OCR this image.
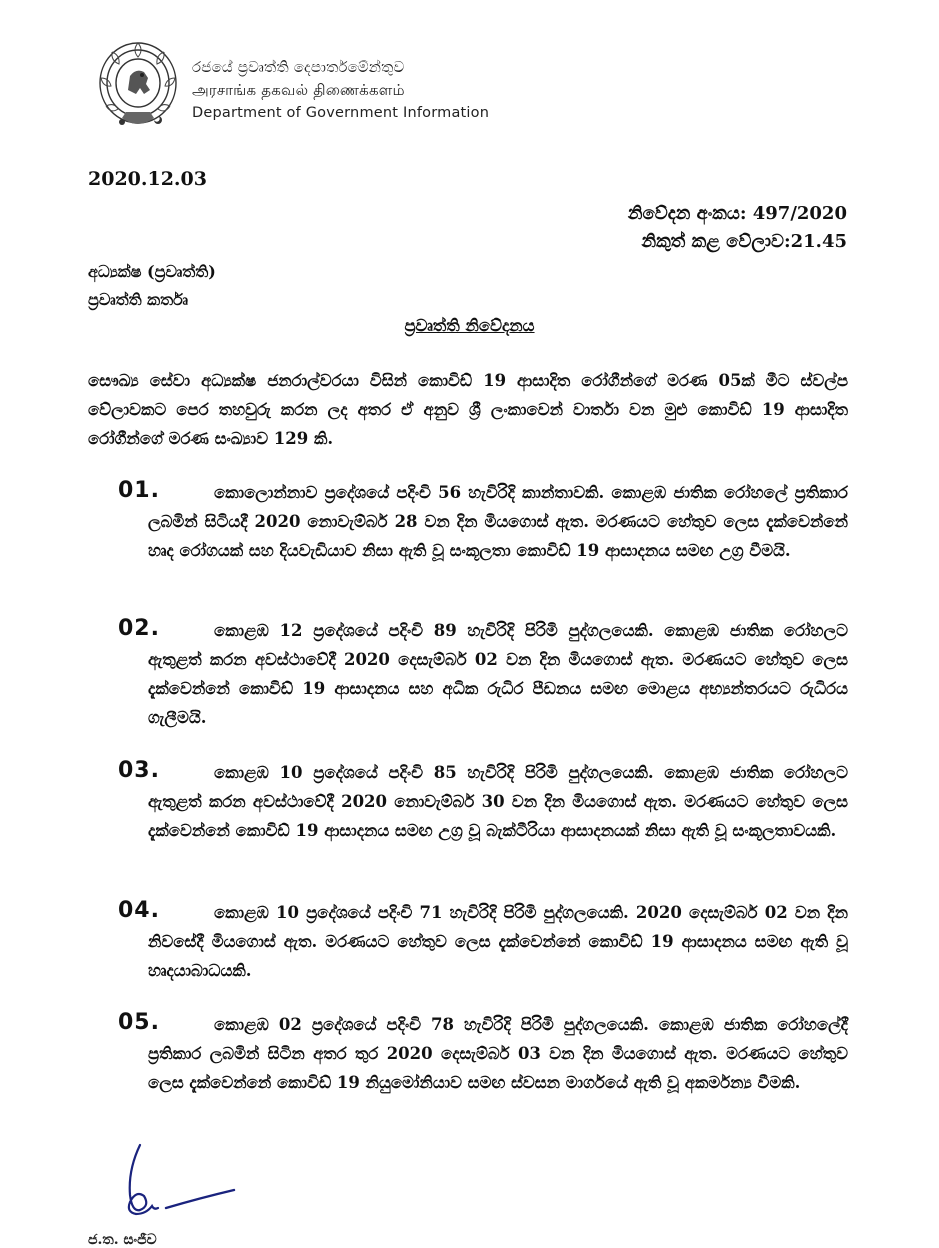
රජයේ ප්‍රවෘත්ති දෙපාර්තමේන්තුව
அரசாங்க தகவல் திணைக்களம்
Department of Government Information
2020.12.03
නිවේදන අංකය: 497/2020
නිකුත් කළ වේලාව:21.45
අධ්‍යක්ෂ (ප්‍රවෘත්ති)
ප්‍රවෘත්ති කර්තෘ
ප්‍රවෘත්ති නිවේදනය
සෞඛ්‍ය සේවා අධ්‍යක්ෂ ජනරාල්වරයා විසින් කොවිඩ් 19 ආසාදිත රෝගීන්ගේ මරණ 05ක් මීට ස්වල්ප වේලාවකට පෙර තහවුරු කරන ලද අතර ඒ අනුව ශ්‍රී ලංකාවෙන් වාර්තා වන මුළු කොවිඩ් 19 ආසාදිත රෝගීන්ගේ මරණ සංඛ්‍යාව 129 කි.
01.	කොලොන්නාව ප්‍රදේශයේ පදිංචි 56 හැවිරිදි කාන්තාවකි. කොළඹ ජාතික රෝහලේ ප්‍රතිකාර ලබමින් සිටියදී 2020 නොවැම්බර් 28 වන දින මියගොස් ඇත. මරණයට හේතුව ලෙස දැක්වෙන්නේ හෘද රෝගයක් සහ දියවැඩියාව නිසා ඇති වූ සංකූලතා කොවිඩ් 19 ආසාදනය සමඟ උග්‍ර වීමයි.
02.	කොළඹ 12 ප්‍රදේශයේ පදිංචි 89 හැවිරිදි පිරිමි පුද්ගලයෙකි. කොළඹ ජාතික රෝහලට ඇතුළත් කරන අවස්ථාවේදී 2020 දෙසැම්බර් 02 වන දින මියගොස් ඇත. මරණයට හේතුව ලෙස දැක්වෙන්නේ කොවිඩ් 19 ආසාදනය සහ අධික රුධිර පීඩනය සමඟ මොළය අභ්‍යන්තරයට රුධිරය ගැලීමයි.
03.	කොළඹ 10 ප්‍රදේශයේ පදිංචි 85 හැවිරිදි පිරිමි පුද්ගලයෙකි. කොළඹ ජාතික රෝහලට ඇතුළත් කරන අවස්ථාවේදී 2020 නොවැම්බර් 30 වන දින මියගොස් ඇත. මරණයට හේතුව ලෙස දැක්වෙන්නේ කොවිඩ් 19 ආසාදනය සමඟ උග්‍ර වූ බැක්ටීරියා ආසාදනයක් නිසා ඇති වූ සංකූලතාවයකි.
04.	කොළඹ 10 ප්‍රදේශයේ පදිංචි 71 හැවිරිදි පිරිමි පුද්ගලයෙකි. 2020 දෙසැම්බර් 02 වන දින නිවසේදී මියගොස් ඇත. මරණයට හේතුව ලෙස දැක්වෙන්නේ කොවිඩ් 19 ආසාදනය සමඟ ඇති වූ හෘදයාබාධයකි.
05.	කොළඹ 02 ප්‍රදේශයේ පදිංචි 78 හැවිරිදි පිරිමි පුද්ගලයෙකි. කොළඹ ජාතික රෝහලේදී ප්‍රතිකාර ලබමින් සිටින අතර තුර 2020 දෙසැම්බර් 03 වන දින මියගොස් ඇත. මරණයට හේතුව ලෙස දැක්වෙන්නේ කොවිඩ් 19 නියුමෝනියාව සමඟ ස්වසන මාර්ගයේ ඇති වූ අකර්මන්‍ය වීමකි.
ජ.ත. සංජීව
